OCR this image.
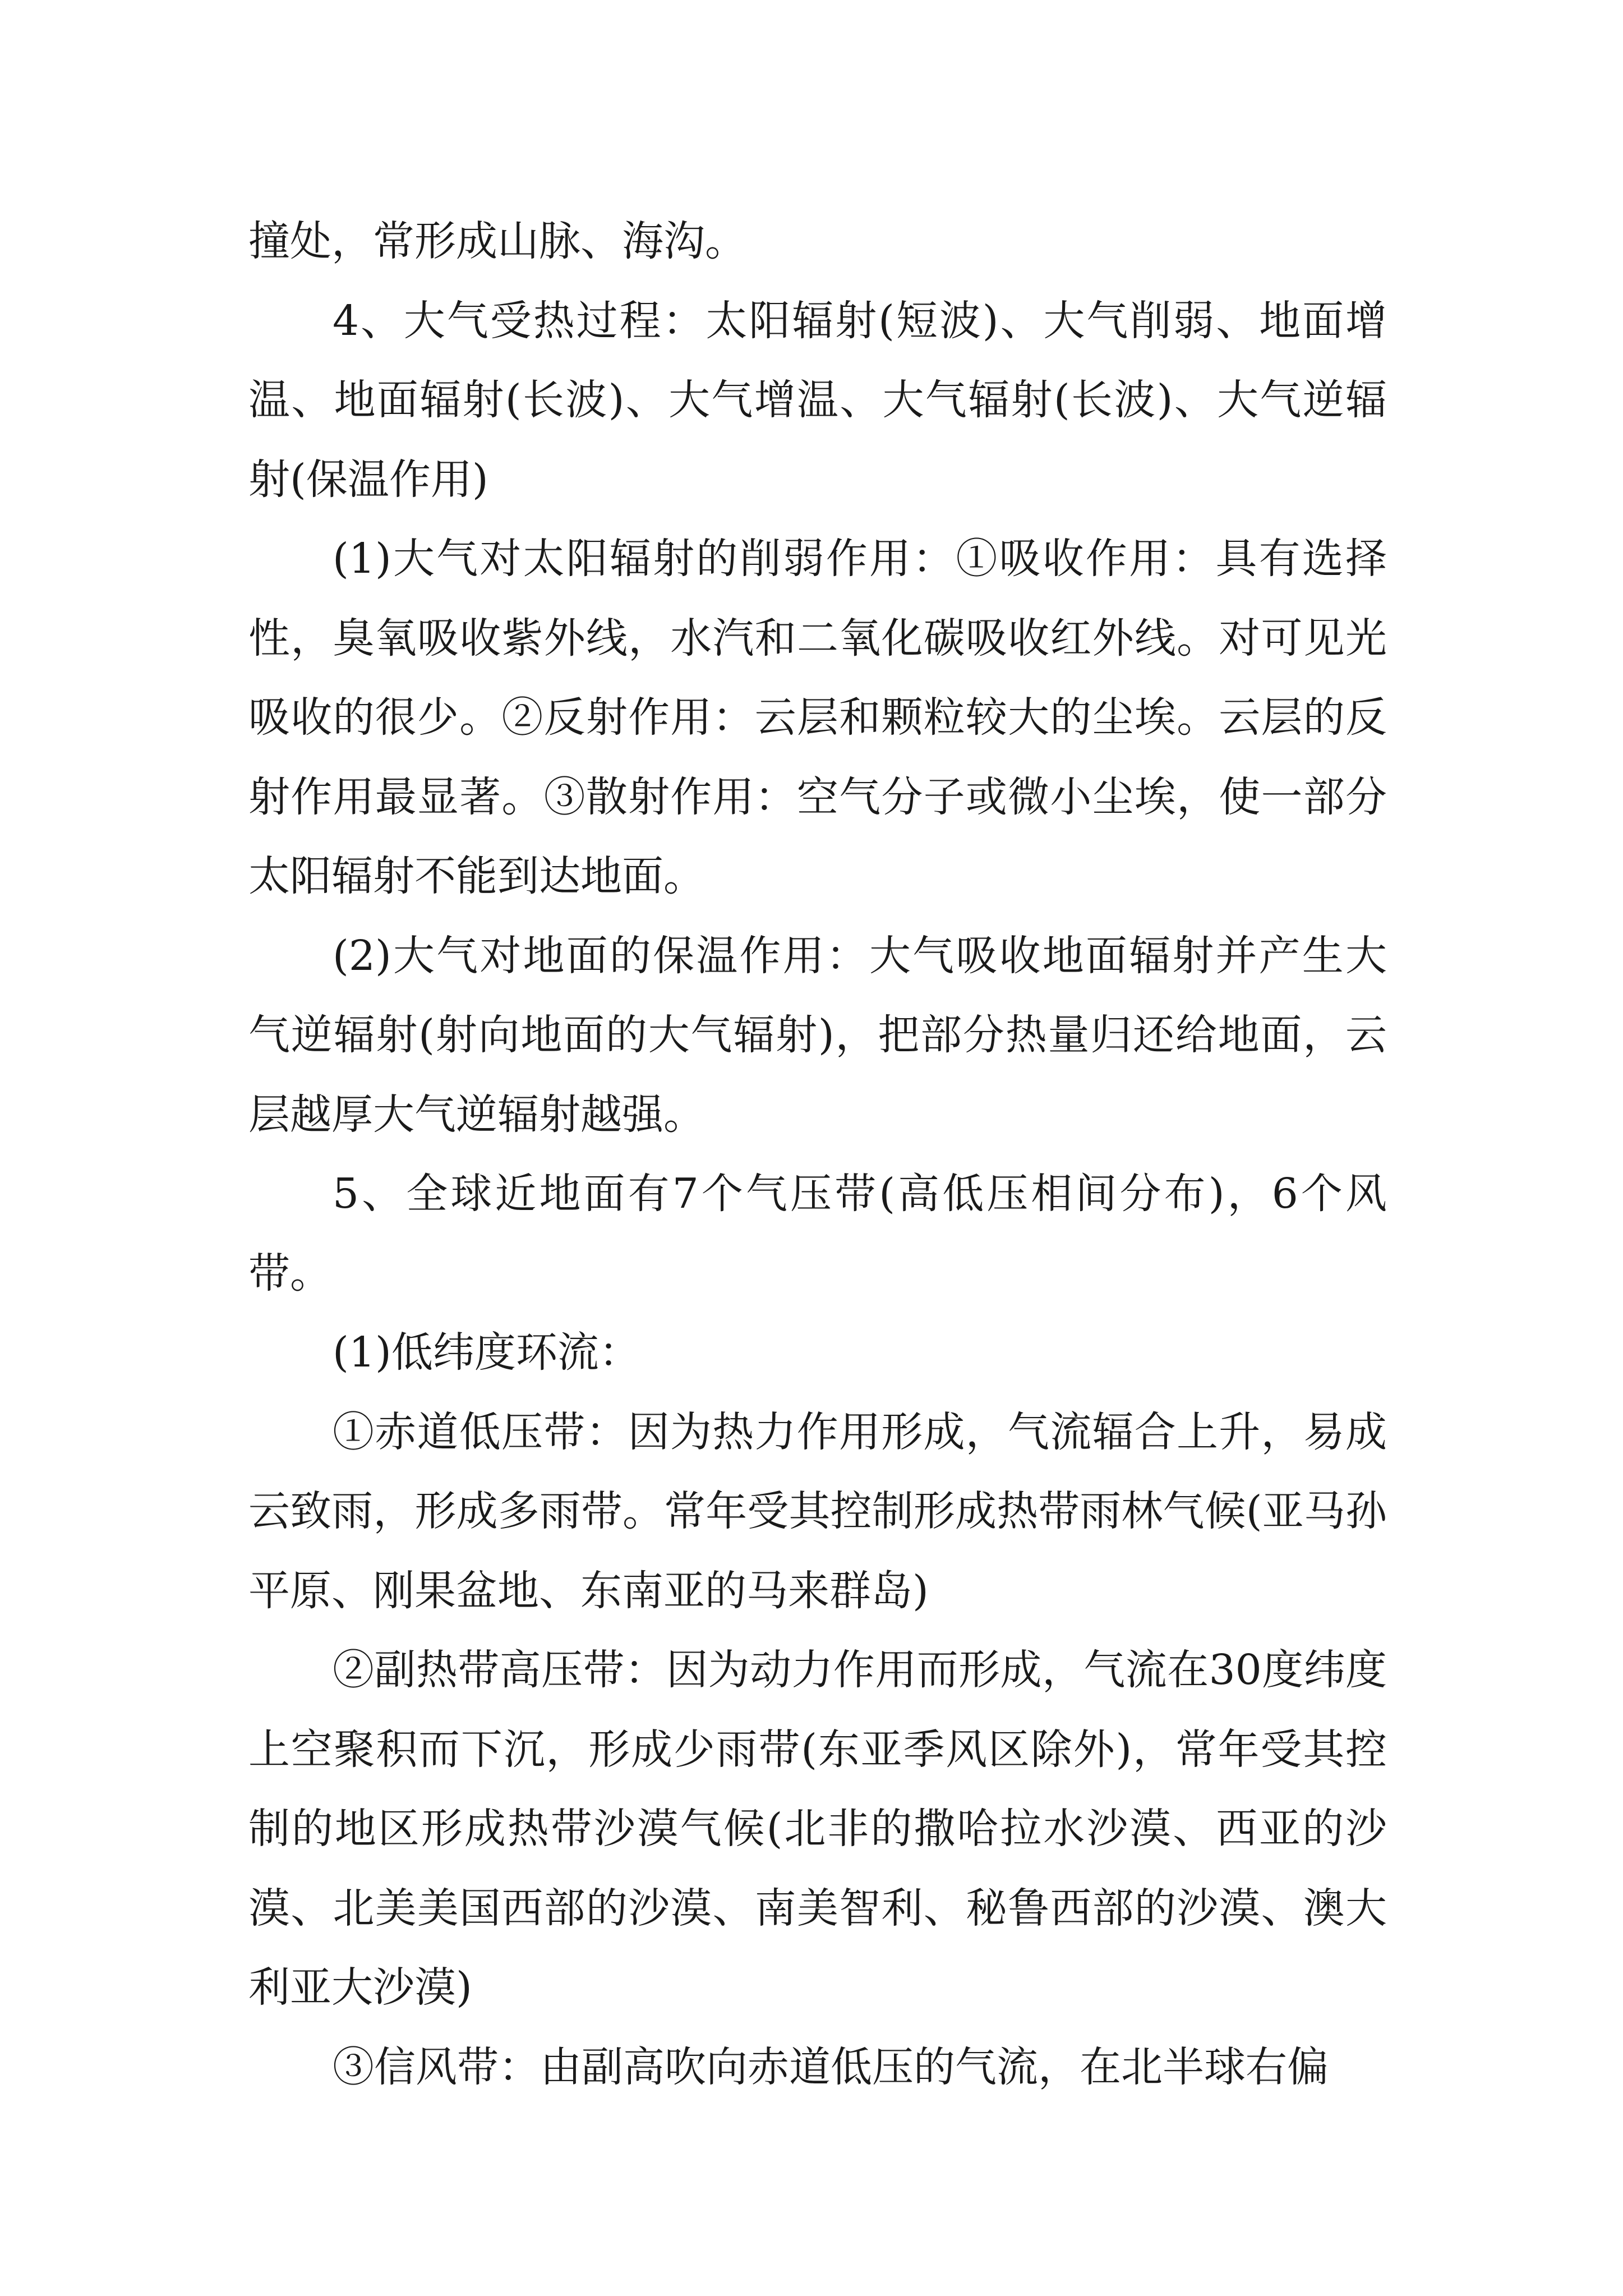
撞处，常形成山脉、海沟。

4、大气受热过程：太阳辐射(短波)、大气削弱、地面增温、地面辐射(长波)、大气增温、大气辐射(长波)、大气逆辐射(保温作用)

(1)大气对太阳辐射的削弱作用：①吸收作用：具有选择性，臭氧吸收紫外线，水汽和二氧化碳吸收红外线。对可见光吸收的很少。②反射作用：云层和颗粒较大的尘埃。云层的反射作用最显著。③散射作用：空气分子或微小尘埃，使一部分太阳辐射不能到达地面。

(2)大气对地面的保温作用：大气吸收地面辐射并产生大气逆辐射(射向地面的大气辐射)，把部分热量归还给地面，云层越厚大气逆辐射越强。

5、全球近地面有7个气压带(高低压相间分布)，6个风带。

(1)低纬度环流：

①赤道低压带：因为热力作用形成，气流辐合上升，易成云致雨，形成多雨带。常年受其控制形成热带雨林气候(亚马孙平原、刚果盆地、东南亚的马来群岛)

②副热带高压带：因为动力作用而形成，气流在30度纬度上空聚积而下沉，形成少雨带(东亚季风区除外)，常年受其控制的地区形成热带沙漠气候(北非的撒哈拉水沙漠、西亚的沙漠、北美美国西部的沙漠、南美智利、秘鲁西部的沙漠、澳大利亚大沙漠)

③信风带：由副高吹向赤道低压的气流，在北半球右偏
